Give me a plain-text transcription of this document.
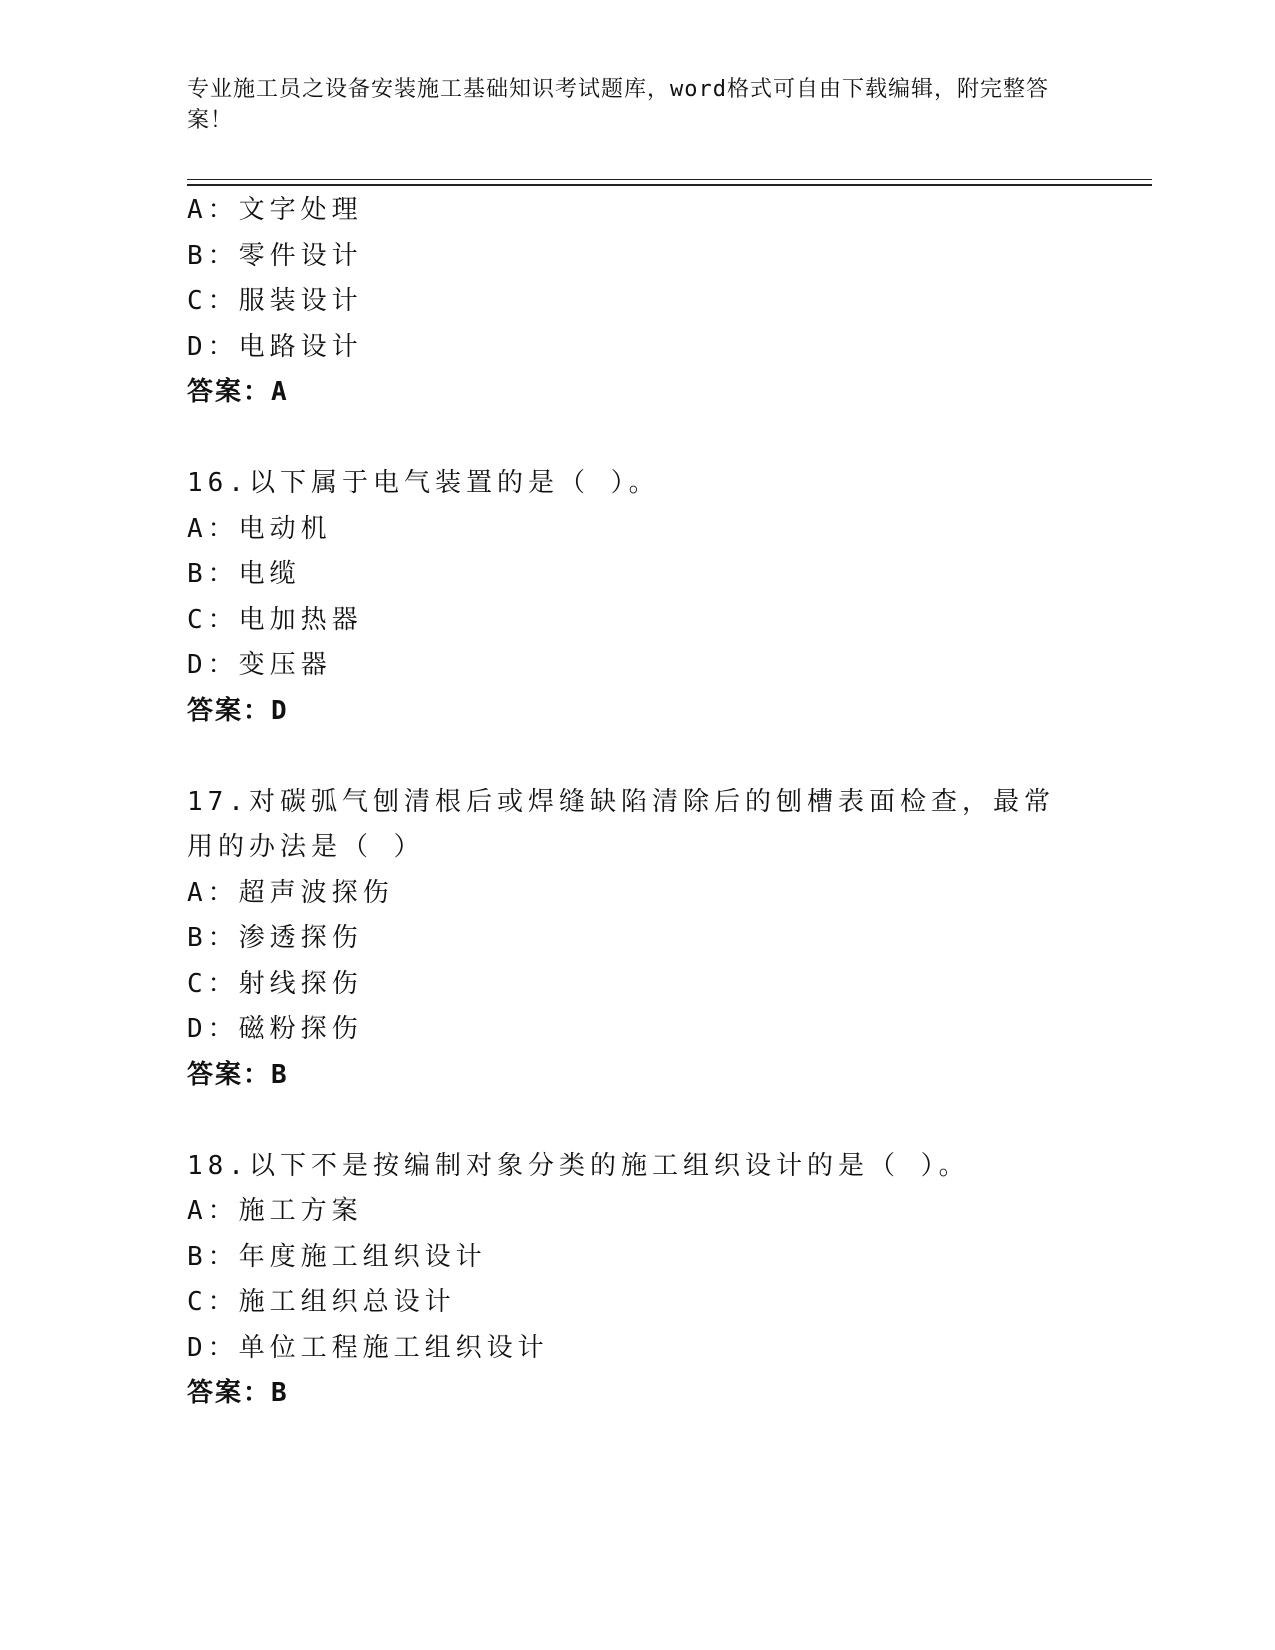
专业施工员之设备安装施工基础知识考试题库，word格式可自由下载编辑，附完整答案！
A：文字处理
B：零件设计
C：服装设计
D：电路设计
答案：A
16.以下属于电气装置的是（ ）。
A：电动机
B：电缆
C：电加热器
D：变压器
答案：D
17.对碳弧气刨清根后或焊缝缺陷清除后的刨槽表面检查，最常用的办法是（ ）
A：超声波探伤
B：渗透探伤
C：射线探伤
D：磁粉探伤
答案：B
18.以下不是按编制对象分类的施工组织设计的是（ ）。
A：施工方案
B：年度施工组织设计
C：施工组织总设计
D：单位工程施工组织设计
答案：B
